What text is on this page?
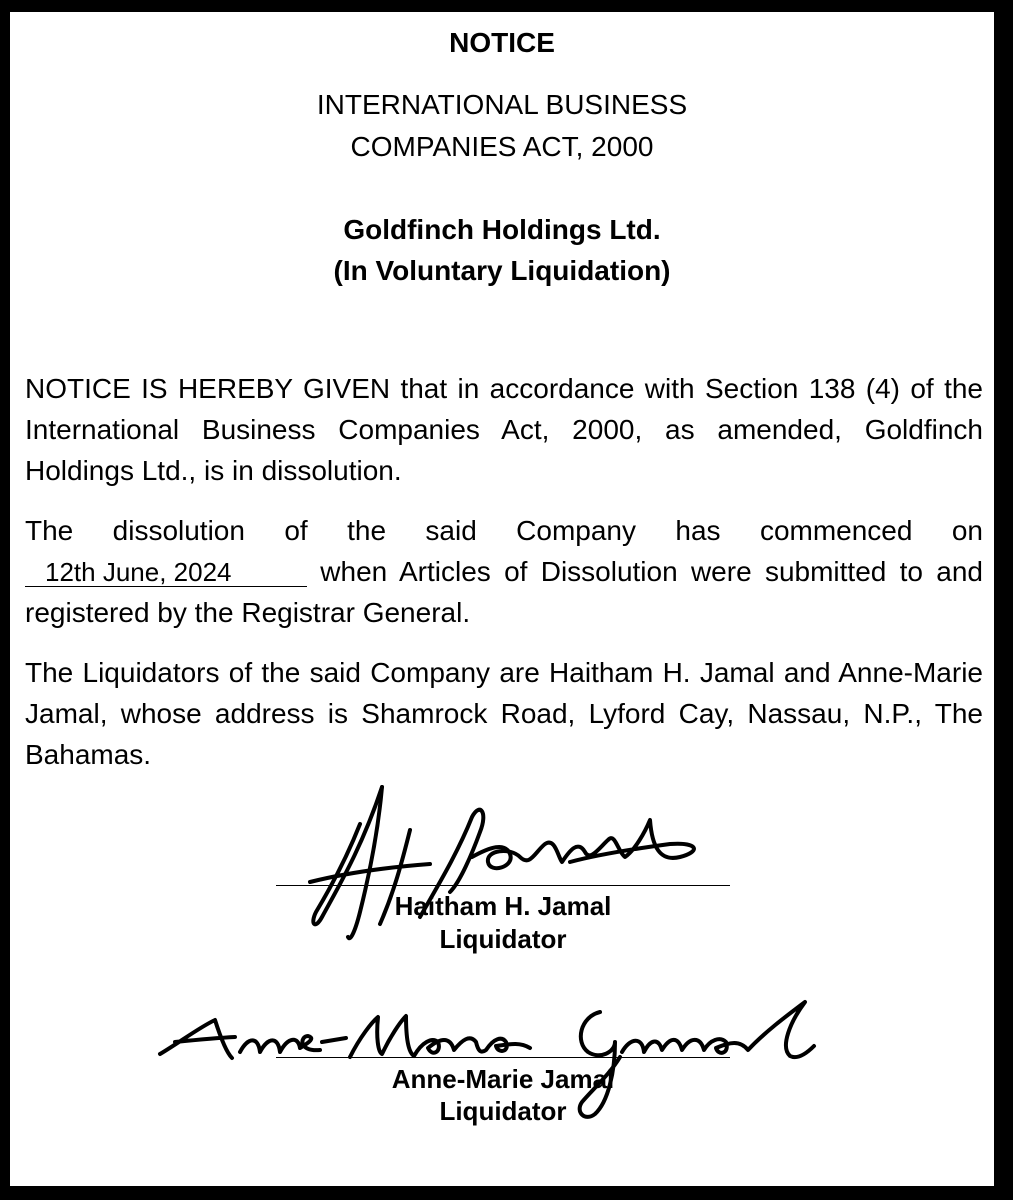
NOTICE
INTERNATIONAL BUSINESS
COMPANIES ACT, 2000
Goldfinch Holdings Ltd.
(In Voluntary Liquidation)
NOTICE IS HEREBY GIVEN that in accordance with Section 138 (4) of the International Business Companies Act, 2000, as amended, Goldfinch Holdings Ltd., is in dissolution.
The dissolution of the said Company has commenced on 12th June, 2024	when Articles of Dissolution were submitted to and registered by the Registrar General.
The Liquidators of the said Company are Haitham H. Jamal and Anne-Marie Jamal, whose address is Shamrock Road, Lyford Cay, Nassau, N.P., The Bahamas.
Haitham H. Jamal
Liquidator
Anne-Marie Jamal
Liquidator
